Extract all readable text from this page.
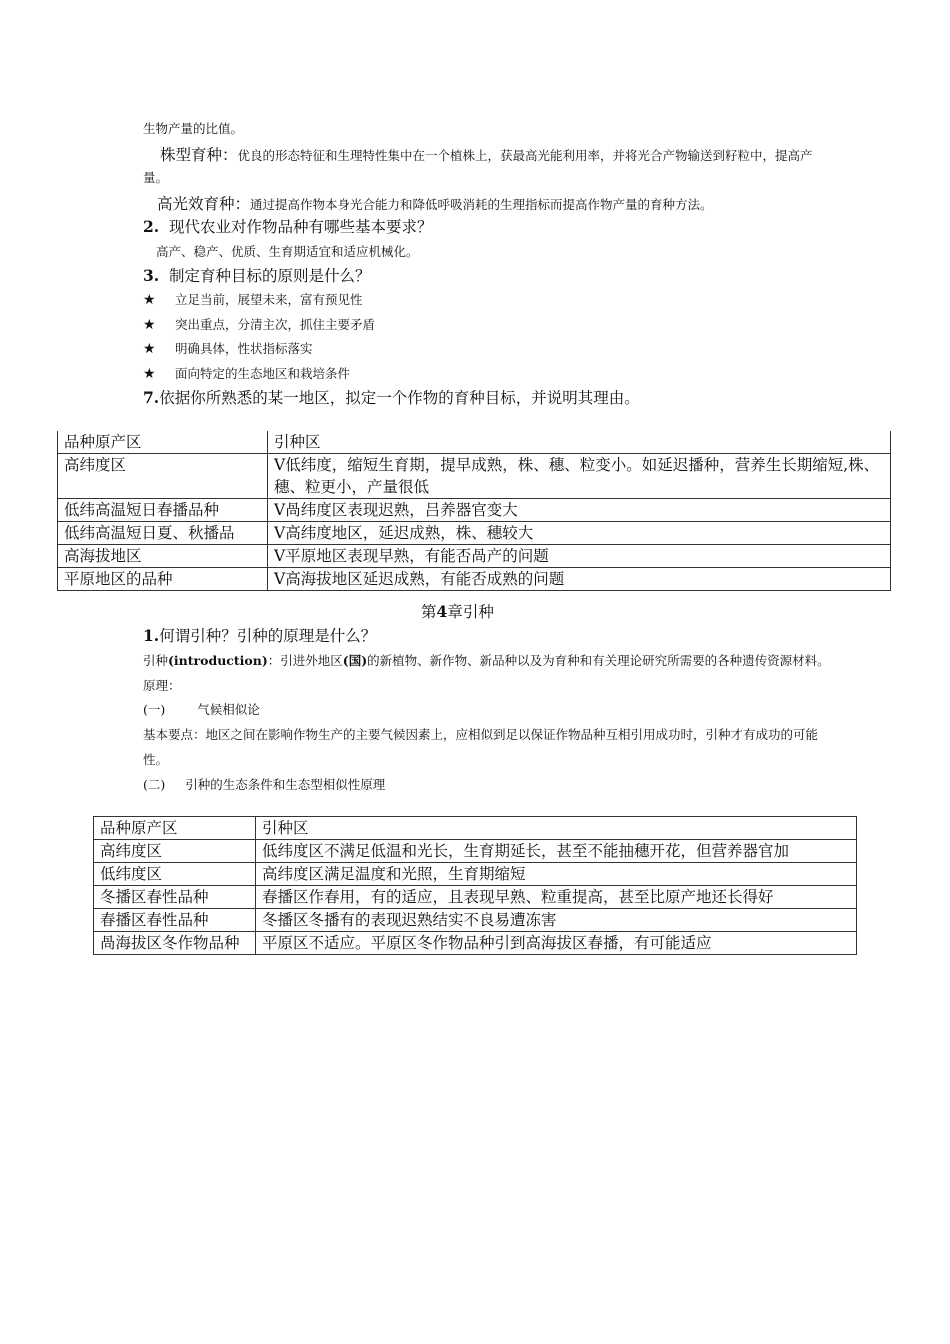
生物产量的比值。
株型育种：优良的形态特征和生理特性集中在一个植株上，获最高光能利用率，并将光合产物输送到籽粒中，提高产
量。
高光效育种：通过提高作物本身光合能力和降低呼吸消耗的生理指标而提高作物产量的育种方法。
2. 现代农业对作物品种有哪些基本要求？
高产、稳产、优质、生育期适宜和适应机械化。
3. 制定育种目标的原则是什么？
★ 立足当前，展望未来，富有预见性
★ 突出重点，分清主次，抓住主要矛盾
★ 明确具体，性状指标落实
★ 面向特定的生态地区和栽培条件
7.依据你所熟悉的某一地区，拟定一个作物的育种目标，并说明其理由。
品种原产区	引种区
高纬度区	V低纬度，缩短生育期，提早成熟，株、穗、粒变小。如延迟播种，营养生长期缩短,株、穗、粒更小，产量很低
低纬高温短日春播品种	V咼纬度区表现迟熟，吕养器官变大
低纬高温短日夏、秋播品	V高纬度地区，延迟成熟，株、穗较大
高海拔地区	V平原地区表现早熟，有能否咼产的问题
平原地区的品种	V高海拔地区延迟成熟，有能否成熟的问题
第4章引种
1.何谓引种？引种的原理是什么？
引种(introduction)：引进外地区(国)的新植物、新作物、新品种以及为育种和有关理论研究所需要的各种遗传资源材料。
原理：
(一)	气候相似论
基本要点：地区之间在影响作物生产的主要气候因素上，应相似到足以保证作物品种互相引用成功时，引种才有成功的可能
性。
(二) 引种的生态条件和生态型相似性原理
品种原产区	引种区

高纬度区	低纬度区不满足低温和光长，生育期延长，甚至不能抽穗开花，但营养器官加

低纬度区	高纬度区满足温度和光照，生育期缩短

冬播区春性品种	春播区作春用，有的适应，且表现早熟、粒重提高，甚至比原产地还长得好

春播区春性品种	冬播区冬播有的表现迟熟结实不良易遭冻害

咼海拔区冬作物品种	平原区不适应。平原区冬作物品种引到高海拔区春播，有可能适应
